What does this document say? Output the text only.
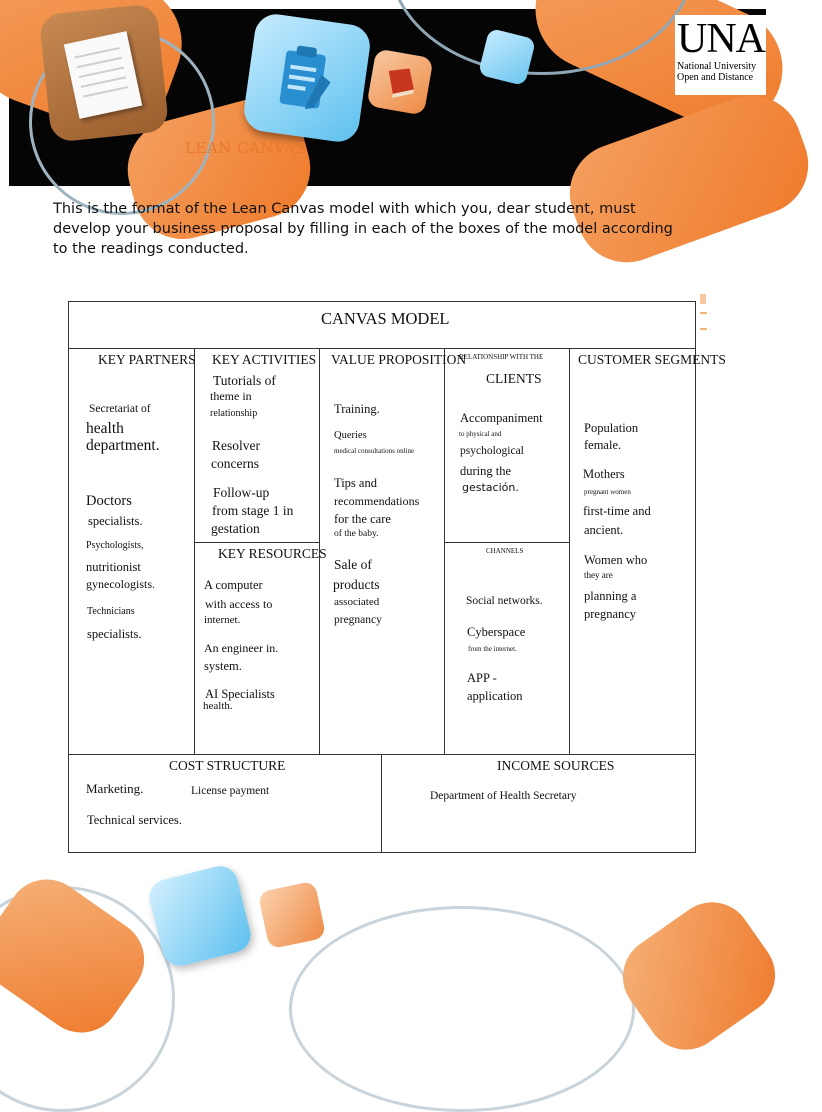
LEAN CANVAS
UNA
National University
Open and Distance
This is the format of the Lean Canvas model with which you, dear student, must develop your business proposal by filling in each of the boxes of the model according to the readings conducted.
CANVAS MODEL
KEY PARTNERS
Secretariat of
health
department.
Doctors
specialists.
Psychologists,
nutritionist
gynecologists.
Technicians
specialists.
KEY ACTIVITIES
Tutorials of
theme in
relationship
Resolver
concerns
Follow-up
from stage 1 in
gestation
KEY RESOURCES
A computer
with access to
internet.
An engineer in.
system.
AI Specialists
health.
VALUE PROPOSITION
Training.
Queries
medical consultations online
Tips and
recommendations
for the care
of the baby.
Sale of
products
associated
pregnancy
RELATIONSHIP WITH THE
CLIENTS
Accompaniment
to physical and
psychological
during the
gestación.
CHANNELS
Social networks.
Cyberspace
from the internet.
APP -
application
CUSTOMER SEGMENTS
Population
female.
Mothers
pregnant women
first-time and
ancient.
Women who
they are
planning a
pregnancy
COST STRUCTURE
Marketing.	License payment
Technical services.
INCOME SOURCES
Department of Health Secretary
